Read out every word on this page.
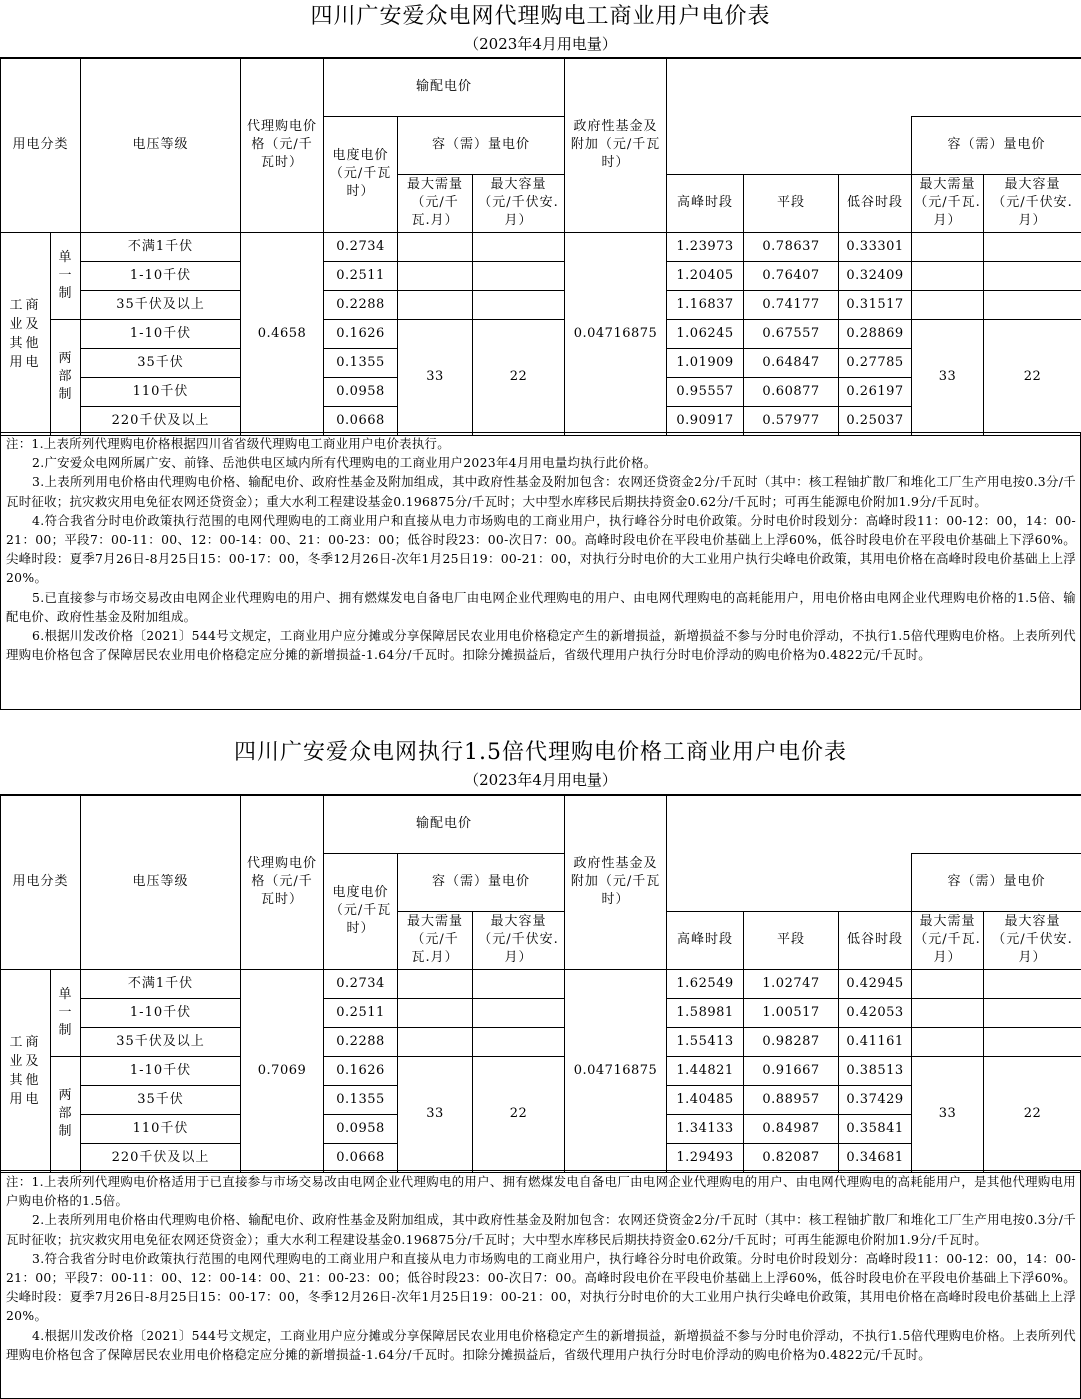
四川广安爱众电网代理购电工商业用户电价表
（2023年4月用电量）
用电分类		电压等级	代理购电价格（元/千瓦时）	输配电价			政府性基金及附加（元/千瓦时）					

				电度电价（元/千瓦时）	容（需）量电价						容（需）量电价	

					最大需量（元/千瓦.月）	最大容量（元/千伏安.月）		高峰时段	平段	低谷时段	最大需量（元/千瓦.月）	最大容量（元/千伏安.月）

工商业及其他用电	单一制	不满1千伏	0.4658	0.2734			0.04716875	1.23973	0.78637	0.33301		
		1-10千伏		0.2511				1.20405	0.76407	0.32409		
		35千伏及以上		0.2288				1.16837	0.74177	0.31517		
	两部制	1-10千伏		0.1626	33	22		1.06245	0.67557	0.28869	33	22
		35千伏		0.1355				1.01909	0.64847	0.27785		
		110千伏		0.0958				0.95557	0.60877	0.26197		
		220千伏及以上		0.0668				0.90917	0.57977	0.25037		

注：1.上表所列代理购电价格根据四川省省级代理购电工商业用户电价表执行。

2.广安爱众电网所属广安、前锋、岳池供电区域内所有代理购电的工商业用户2023年4月用电量均执行此价格。

3.上表所列用电价格由代理购电价格、输配电价、政府性基金及附加组成，其中政府性基金及附加包含：农网还贷资金2分/千瓦时（其中：核工程铀扩散厂和堆化工厂生产用电按0.3分/千瓦时征收；抗灾救灾用电免征农网还贷资金）；重大水利工程建设基金0.196875分/千瓦时；大中型水库移民后期扶持资金0.62分/千瓦时；可再生能源电价附加1.9分/千瓦时。

4.符合我省分时电价政策执行范围的电网代理购电的工商业用户和直接从电力市场购电的工商业用户，执行峰谷分时电价政策。分时电价时段划分：高峰时段11：00-12：00，14：00-21：00；平段7：00-11：00、12：00-14：00、21：00-23：00；低谷时段23：00-次日7：00。高峰时段电价在平段电价基础上上浮60%，低谷时段电价在平段电价基础上下浮60%。尖峰时段：夏季7月26日-8月25日15：00-17：00，冬季12月26日-次年1月25日19：00-21：00，对执行分时电价的大工业用户执行尖峰电价政策，其用电价格在高峰时段电价基础上上浮20%。

5.已直接参与市场交易改由电网企业代理购电的用户、拥有燃煤发电自备电厂由电网企业代理购电的用户、由电网代理购电的高耗能用户，用电价格由电网企业代理购电价格的1.5倍、输配电价、政府性基金及附加组成。

6.根据川发改价格〔2021〕544号文规定，工商业用户应分摊或分享保障居民农业用电价格稳定产生的新增损益，新增损益不参与分时电价浮动，不执行1.5倍代理购电价格。上表所列代理购电价格包含了保障居民农业用电价格稳定应分摊的新增损益-1.64分/千瓦时。扣除分摊损益后，省级代理用户执行分时电价浮动的购电价格为0.4822元/千瓦时。

四川广安爱众电网执行1.5倍代理购电价格工商业用户电价表
（2023年4月用电量）
用电分类		电压等级	代理购电价格（元/千瓦时）	输配电价			政府性基金及附加（元/千瓦时）					

				电度电价（元/千瓦时）	容（需）量电价						容（需）量电价	

					最大需量（元/千瓦.月）	最大容量（元/千伏安.月）		高峰时段	平段	低谷时段	最大需量（元/千瓦.月）	最大容量（元/千伏安.月）

工商业及其他用电	单一制	不满1千伏	0.7069	0.2734			0.04716875	1.62549	1.02747	0.42945		
		1-10千伏		0.2511				1.58981	1.00517	0.42053		
		35千伏及以上		0.2288				1.55413	0.98287	0.41161		
	两部制	1-10千伏		0.1626	33	22		1.44821	0.91667	0.38513	33	22
		35千伏		0.1355				1.40485	0.88957	0.37429		
		110千伏		0.0958				1.34133	0.84987	0.35841		
		220千伏及以上		0.0668				1.29493	0.82087	0.34681		

注：1.上表所列代理购电价格适用于已直接参与市场交易改由电网企业代理购电的用户、拥有燃煤发电自备电厂由电网企业代理购电的用户、由电网代理购电的高耗能用户，是其他代理购电用户购电价格的1.5倍。

2.上表所列用电价格由代理购电价格、输配电价、政府性基金及附加组成，其中政府性基金及附加包含：农网还贷资金2分/千瓦时（其中：核工程铀扩散厂和堆化工厂生产用电按0.3分/千瓦时征收；抗灾救灾用电免征农网还贷资金）；重大水利工程建设基金0.196875分/千瓦时；大中型水库移民后期扶持资金0.62分/千瓦时；可再生能源电价附加1.9分/千瓦时。

3.符合我省分时电价政策执行范围的电网代理购电的工商业用户和直接从电力市场购电的工商业用户，执行峰谷分时电价政策。分时电价时段划分：高峰时段11：00-12：00，14：00-21：00；平段7：00-11：00、12：00-14：00、21：00-23：00；低谷时段23：00-次日7：00。高峰时段电价在平段电价基础上上浮60%，低谷时段电价在平段电价基础上下浮60%。尖峰时段：夏季7月26日-8月25日15：00-17：00，冬季12月26日-次年1月25日19：00-21：00，对执行分时电价的大工业用户执行尖峰电价政策，其用电价格在高峰时段电价基础上上浮20%。

4.根据川发改价格〔2021〕544号文规定，工商业用户应分摊或分享保障居民农业用电价格稳定产生的新增损益，新增损益不参与分时电价浮动，不执行1.5倍代理购电价格。上表所列代理购电价格包含了保障居民农业用电价格稳定应分摊的新增损益-1.64分/千瓦时。扣除分摊损益后，省级代理用户执行分时电价浮动的购电价格为0.4822元/千瓦时。
